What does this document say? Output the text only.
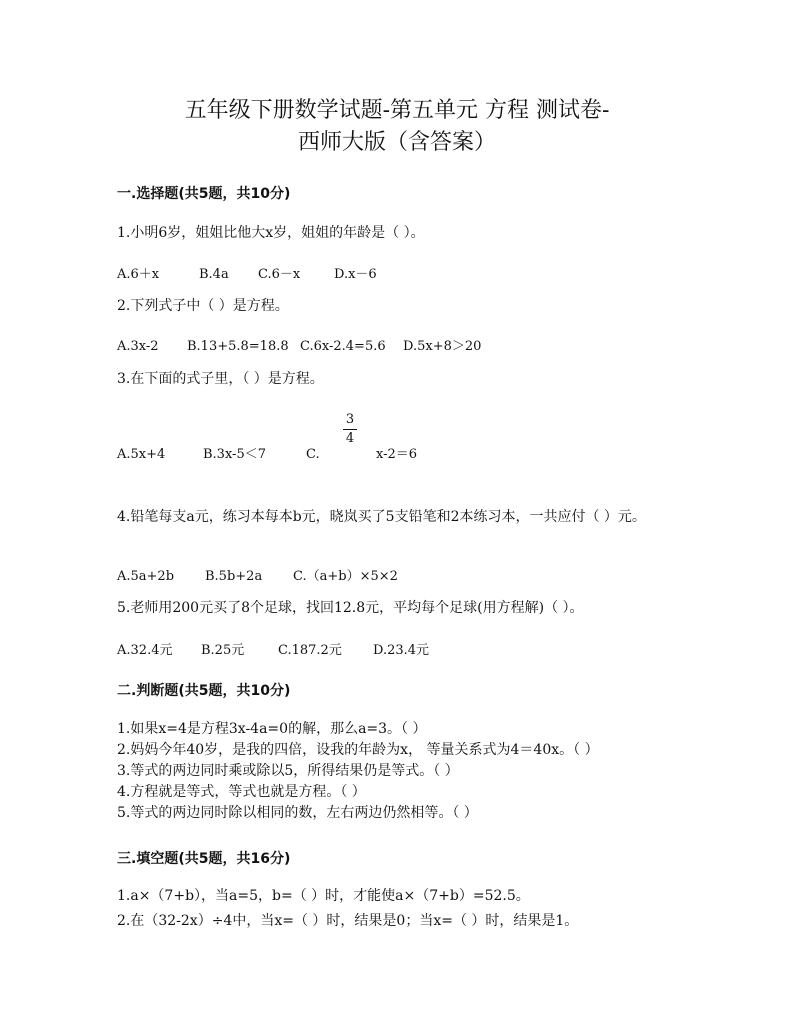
五年级下册数学试题-第五单元 方程 测试卷-
西师大版（含答案）
一.选择题(共5题，共10分)
1.小明6岁，姐姐比他大x岁，姐姐的年龄是（ ）。
A.6＋x	B.4a C.6－x	D.x－6
2.下列式子中（ ）是方程。
A.3x-2 B.13+5.8=18.8 C.6x-2.4=5.6 D.5x+8＞20
3.在下面的式子里，（ ）是方程。
3
4
A.5x+4	B.3x-5＜7	C.	x-2＝6
4.铅笔每支a元，练习本每本b元，晓岚买了5支铅笔和2本练习本，一共应付（ ）元。
A.5a+2b B.5b+2a C.（a+b）×5×2
5.老师用200元买了8个足球，找回12.8元，平均每个足球(用方程解)（ ）。
A.32.4元 B.25元	C.187.2元 D.23.4元
二.判断题(共5题，共10分)
1.如果x=4是方程3x-4a=0的解，那么a=3。（ ）
2.妈妈今年40岁，是我的四倍，设我的年龄为x， 等量关系式为4＝40x。（ ）
3.等式的两边同时乘或除以5，所得结果仍是等式。（ ）
4.方程就是等式，等式也就是方程。（ ）
5.等式的两边同时除以相同的数，左右两边仍然相等。（ ）
三.填空题(共5题，共16分)
1.a×（7+b），当a=5，b=（ ）时，才能使a×（7+b）=52.5。
2.在（32-2x）÷4中，当x=（ ）时，结果是0；当x=（ ）时，结果是1。
